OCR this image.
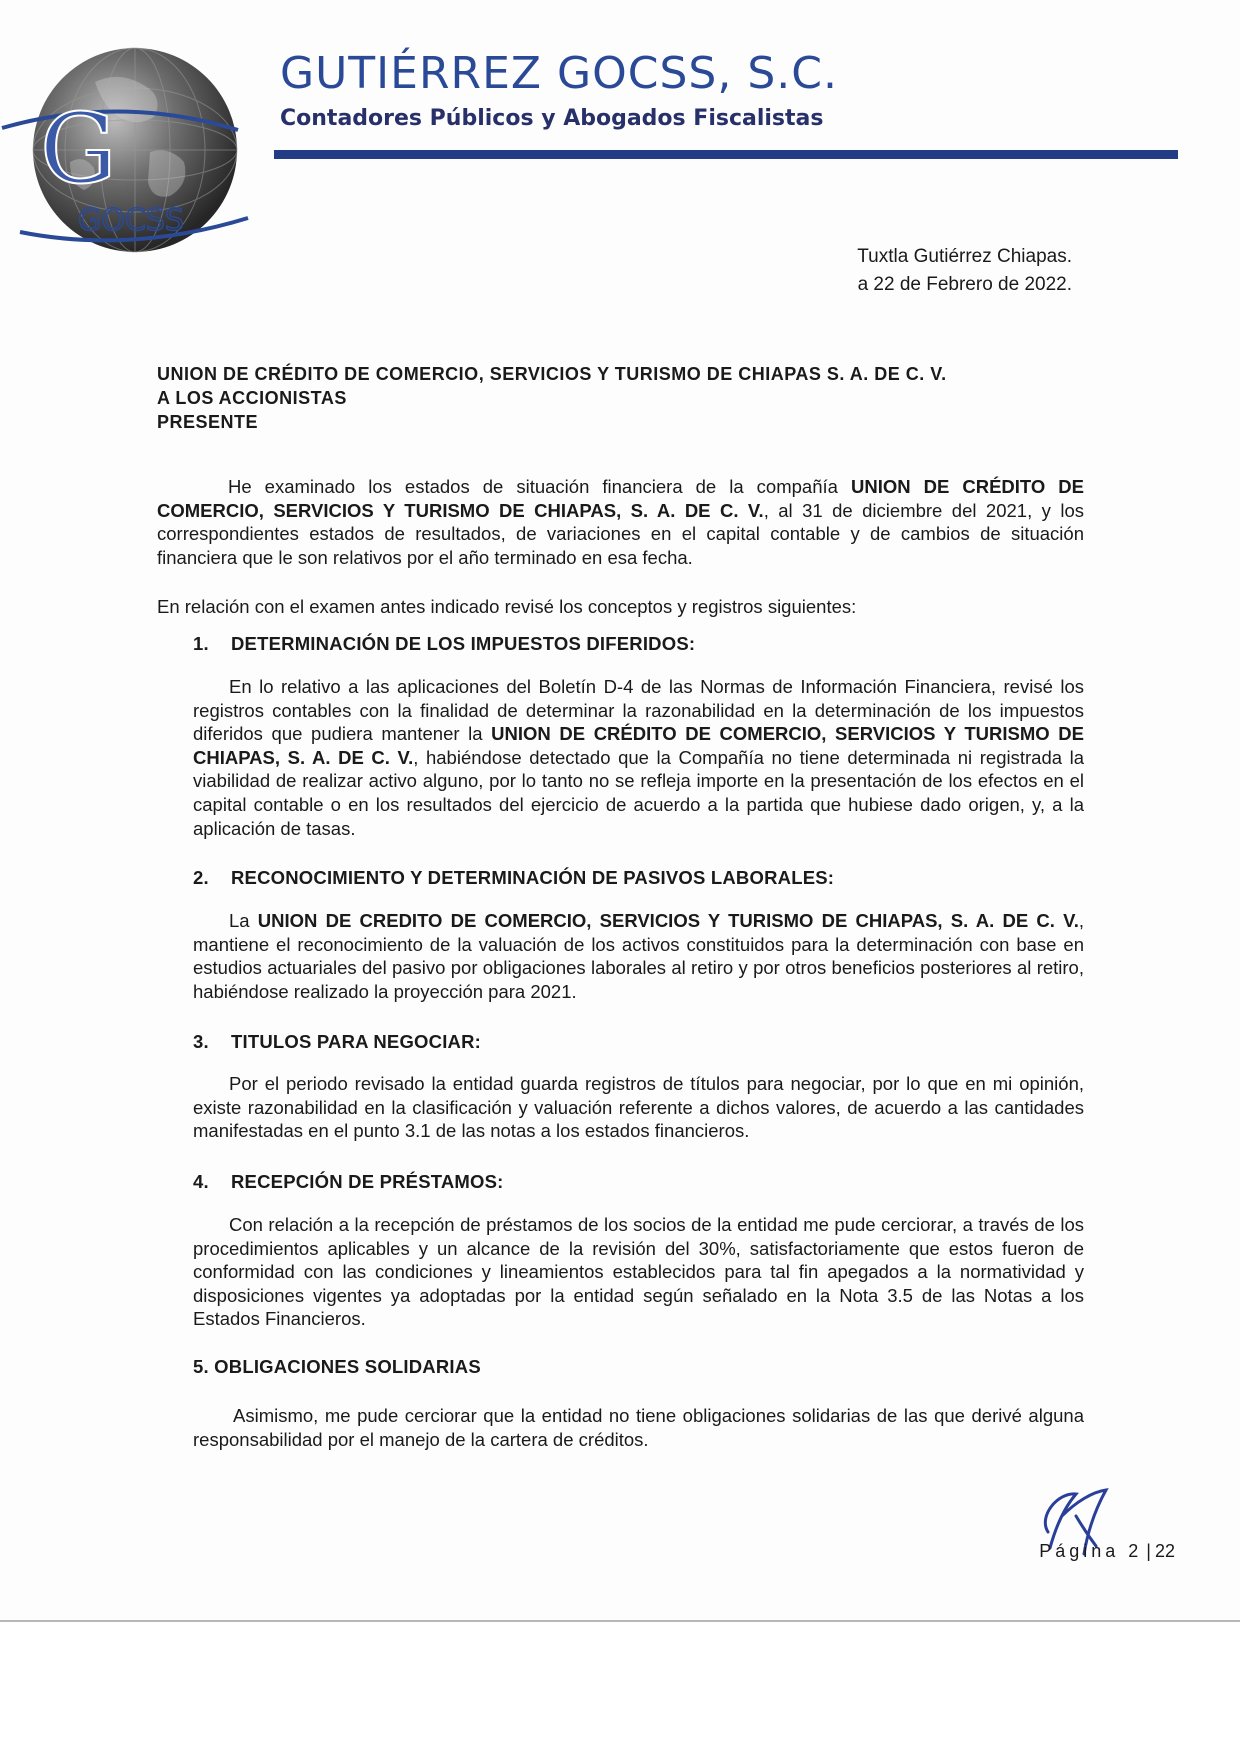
G
GOCSS
GUTIÉRREZ GOCSS, S.C.

Contadores Públicos y Abogados Fiscalistas

Tuxtla Gutiérrez Chiapas.
a 22 de Febrero de 2022.
UNION DE CRÉDITO DE COMERCIO, SERVICIOS Y TURISMO DE CHIAPAS S. A. DE C. V.
A LOS ACCIONISTAS
PRESENTE

He examinado los estados de situación financiera de la compañía UNION DE CRÉDITO DE COMERCIO, SERVICIOS Y TURISMO DE CHIAPAS, S. A. DE C. V., al 31 de diciembre del 2021, y los correspondientes estados de resultados, de variaciones en el capital contable y de cambios de situación financiera que le son relativos por el año terminado en esa fecha.

En relación con el examen antes indicado revisé los conceptos y registros siguientes:

1. DETERMINACIÓN DE LOS IMPUESTOS DIFERIDOS:

En lo relativo a las aplicaciones del Boletín D-4 de las Normas de Información Financiera, revisé los registros contables con la finalidad de determinar la razonabilidad en la determinación de los impuestos diferidos que pudiera mantener la UNION DE CRÉDITO DE COMERCIO, SERVICIOS Y TURISMO DE CHIAPAS, S. A. DE C. V., habiéndose detectado que la Compañía no tiene determinada ni registrada la viabilidad de realizar activo alguno, por lo tanto no se refleja importe en la presentación de los efectos en el capital contable o en los resultados del ejercicio de acuerdo a la partida que hubiese dado origen, y, a la aplicación de tasas.

2. RECONOCIMIENTO Y DETERMINACIÓN DE PASIVOS LABORALES:

La UNION DE CREDITO DE COMERCIO, SERVICIOS Y TURISMO DE CHIAPAS, S. A. DE C. V., mantiene el reconocimiento de la valuación de los activos constituidos para la determinación con base en estudios actuariales del pasivo por obligaciones laborales al retiro y por otros beneficios posteriores al retiro, habiéndose realizado la proyección para 2021.

3. TITULOS PARA NEGOCIAR:

Por el periodo revisado la entidad guarda registros de títulos para negociar, por lo que en mi opinión, existe razonabilidad en la clasificación y valuación referente a dichos valores, de acuerdo a las cantidades manifestadas en el punto 3.1 de las notas a los estados financieros.

4. RECEPCIÓN DE PRÉSTAMOS:

Con relación a la recepción de préstamos de los socios de la entidad me pude cerciorar, a través de los procedimientos aplicables y un alcance de la revisión del 30%, satisfactoriamente que estos fueron de conformidad con las condiciones y lineamientos establecidos para tal fin apegados a la normatividad y disposiciones vigentes ya adoptadas por la entidad según señalado en la Nota 3.5 de las Notas a los Estados Financieros.

5. OBLIGACIONES SOLIDARIAS

Asimismo, me pude cerciorar que la entidad no tiene obligaciones solidarias de las que derivé alguna responsabilidad por el manejo de la cartera de créditos.

Página 2 | 22
